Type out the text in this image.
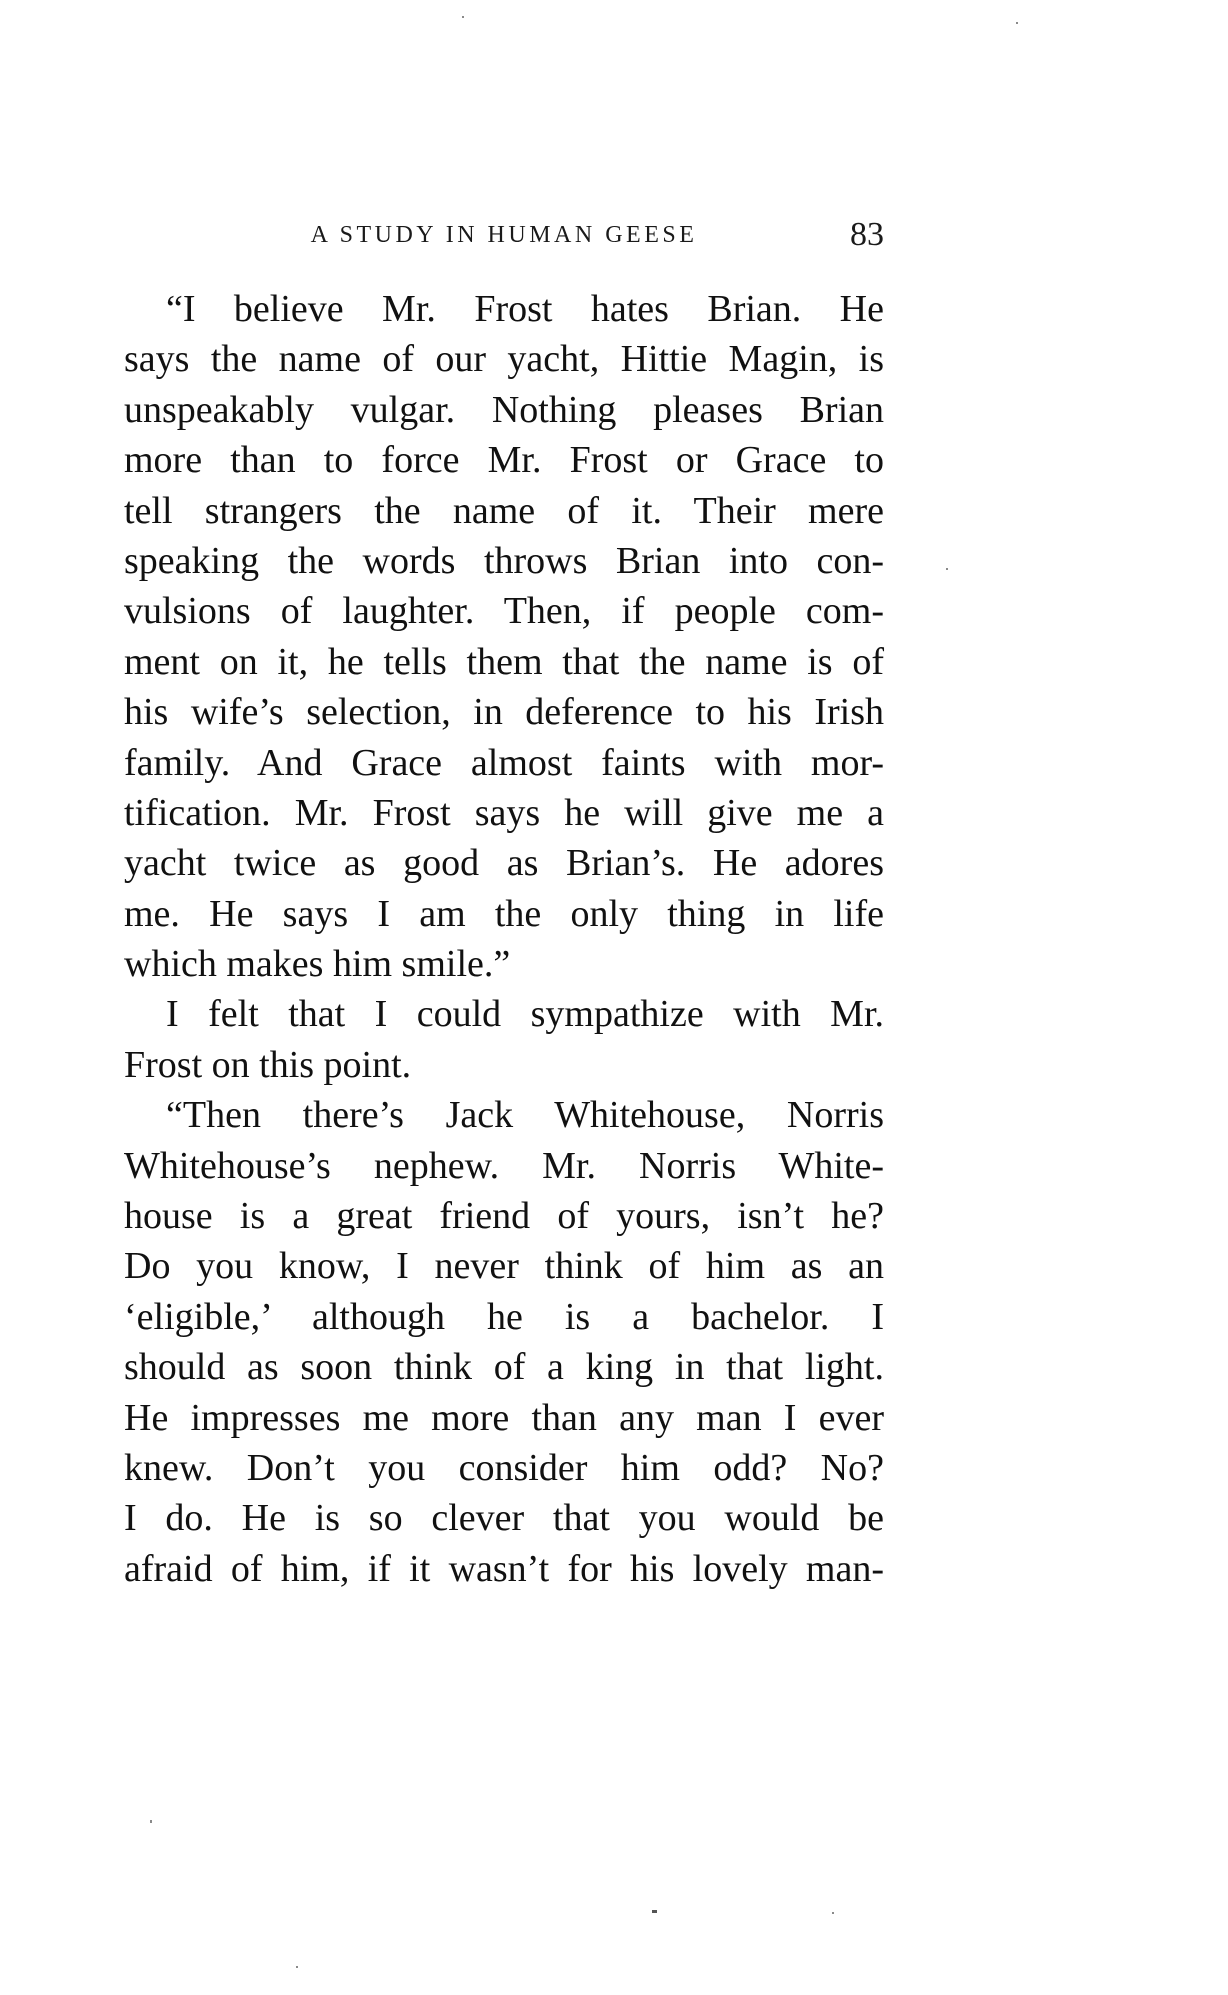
A STUDY IN HUMAN GEESE	83
“I believe Mr. Frost hates Brian. He
says the name of our yacht, Hittie Magin, is
unspeakably vulgar. Nothing pleases Brian
more than to force Mr. Frost or Grace to
tell strangers the name of it. Their mere
speaking the words throws Brian into con-
vulsions of laughter. Then, if people com-
ment on it, he tells them that the name is of
his wife’s selection, in deference to his Irish
family. And Grace almost faints with mor-
tification. Mr. Frost says he will give me a
yacht twice as good as Brian’s. He adores
me. He says I am the only thing in life
which makes him smile.”
I felt that I could sympathize with Mr.
Frost on this point.
“Then there’s Jack Whitehouse, Norris
Whitehouse’s nephew. Mr. Norris White-
house is a great friend of yours, isn’t he?
Do you know, I never think of him as an
‘eligible,’ although he is a bachelor. I
should as soon think of a king in that light.
He impresses me more than any man I ever
knew. Don’t you consider him odd? No?
I do. He is so clever that you would be
afraid of him, if it wasn’t for his lovely man-
